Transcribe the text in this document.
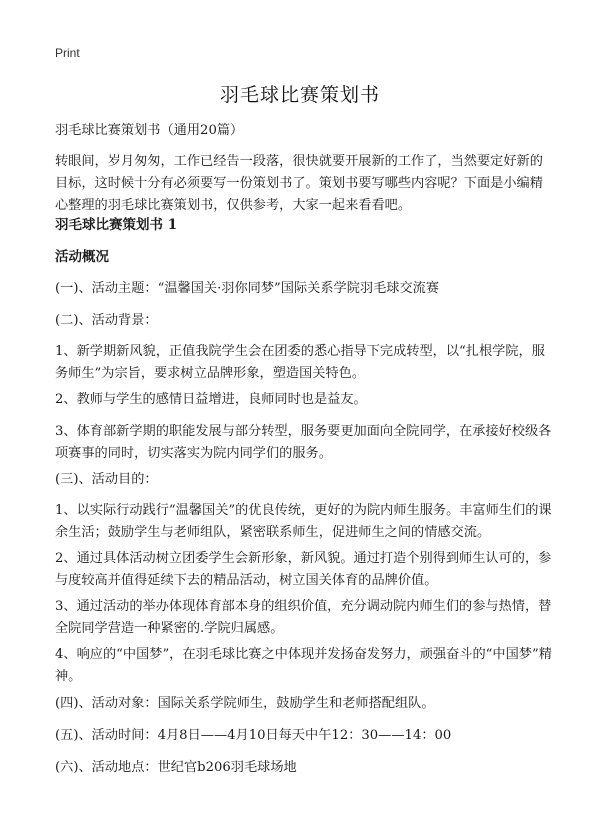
Print
羽毛球比赛策划书

羽毛球比赛策划书（通用20篇）

转眼间，岁月匆匆，工作已经告一段落，很快就要开展新的工作了，当然要定好新的目标，这时候十分有必须要写一份策划书了。策划书要写哪些内容呢？下面是小编精心整理的羽毛球比赛策划书，仅供参考，大家一起来看看吧。

羽毛球比赛策划书 1

活动概况

(一)、活动主题：“温馨国关·羽你同梦”国际关系学院羽毛球交流赛

(二)、活动背景：

1、新学期新风貌，正值我院学生会在团委的悉心指导下完成转型，以“扎根学院，服务师生”为宗旨，要求树立品牌形象，塑造国关特色。

2、教师与学生的感情日益增进，良师同时也是益友。

3、体育部新学期的职能发展与部分转型，服务要更加面向全院同学，在承接好校级各项赛事的同时，切实落实为院内同学们的服务。

(三)、活动目的：

1、以实际行动践行“温馨国关”的优良传统，更好的为院内师生服务。丰富师生们的课余生活；鼓励学生与老师组队，紧密联系师生，促进师生之间的情感交流。

2、通过具体活动树立团委学生会新形象，新风貌。通过打造个别得到师生认可的，参与度较高并值得延续下去的精品活动，树立国关体育的品牌价值。

3、通过活动的举办体现体育部本身的组织价值，充分调动院内师生们的参与热情，替全院同学营造一种紧密的.学院归属感。

4、响应的“中国梦”，在羽毛球比赛之中体现并发扬奋发努力，顽强奋斗的“中国梦”精神。

(四)、活动对象：国际关系学院师生，鼓励学生和老师搭配组队。

(五)、活动时间：4月8日——4月10日每天中午12：30——14：00

(六)、活动地点：世纪官b206羽毛球场地
